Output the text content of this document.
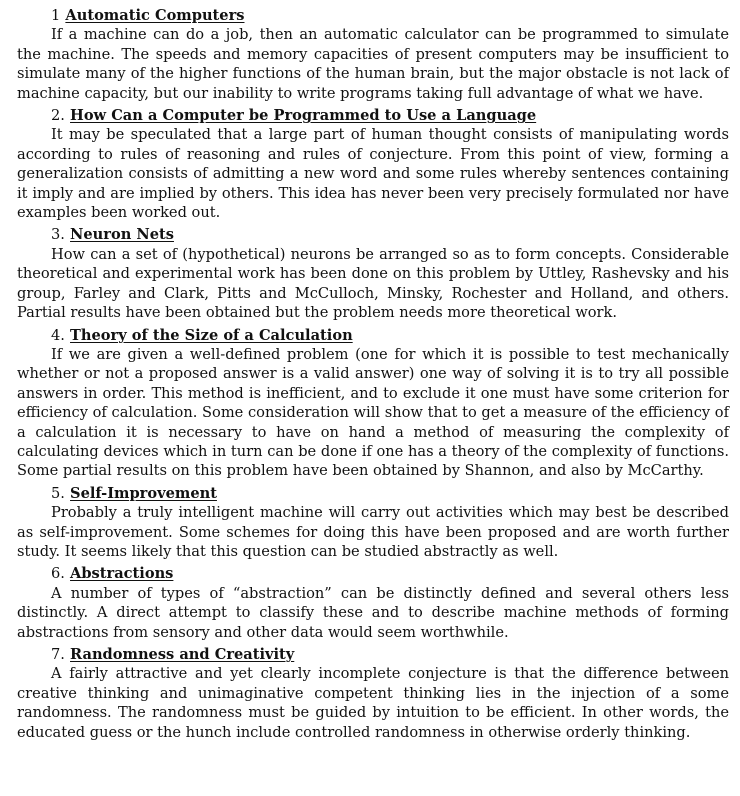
1 Automatic Computers

If a machine can do a job, then an automatic calculator can be programmed to simulate the machine. The speeds and memory capacities of present computers may be insufficient to simulate many of the higher functions of the human brain, but the major obstacle is not lack of machine capacity, but our inability to write programs taking full advantage of what we have.

2. How Can a Computer be Programmed to Use a Language

It may be speculated that a large part of human thought consists of manipulating words according to rules of reasoning and rules of conjecture. From this point of view, forming a generalization consists of admitting a new word and some rules whereby sentences containing it imply and are implied by others. This idea has never been very precisely formulated nor have examples been worked out.

3. Neuron Nets

How can a set of (hypothetical) neurons be arranged so as to form concepts. Considerable theoretical and experimental work has been done on this problem by Uttley, Rashevsky and his group, Farley and Clark, Pitts and McCulloch, Minsky, Rochester and Holland, and others. Partial results have been obtained but the problem needs more theoretical work.

4. Theory of the Size of a Calculation

If we are given a well-defined problem (one for which it is possible to test mechanically whether or not a proposed answer is a valid answer) one way of solving it is to try all possible answers in order. This method is inefficient, and to exclude it one must have some criterion for efficiency of calculation. Some consideration will show that to get a measure of the efficiency of a calculation it is necessary to have on hand a method of measuring the complexity of calculating devices which in turn can be done if one has a theory of the complexity of functions. Some partial results on this problem have been obtained by Shannon, and also by McCarthy.

5. Self-Improvement

Probably a truly intelligent machine will carry out activities which may best be described as self-improvement. Some schemes for doing this have been proposed and are worth further study. It seems likely that this question can be studied abstractly as well.

6. Abstractions

A number of types of “abstraction” can be distinctly defined and several others less distinctly. A direct attempt to classify these and to describe machine methods of forming abstractions from sensory and other data would seem worthwhile.

7. Randomness and Creativity

A fairly attractive and yet clearly incomplete conjecture is that the difference between creative thinking and unimaginative competent thinking lies in the injection of a some randomness. The randomness must be guided by intuition to be efficient. In other words, the educated guess or the hunch include controlled randomness in otherwise orderly thinking.
